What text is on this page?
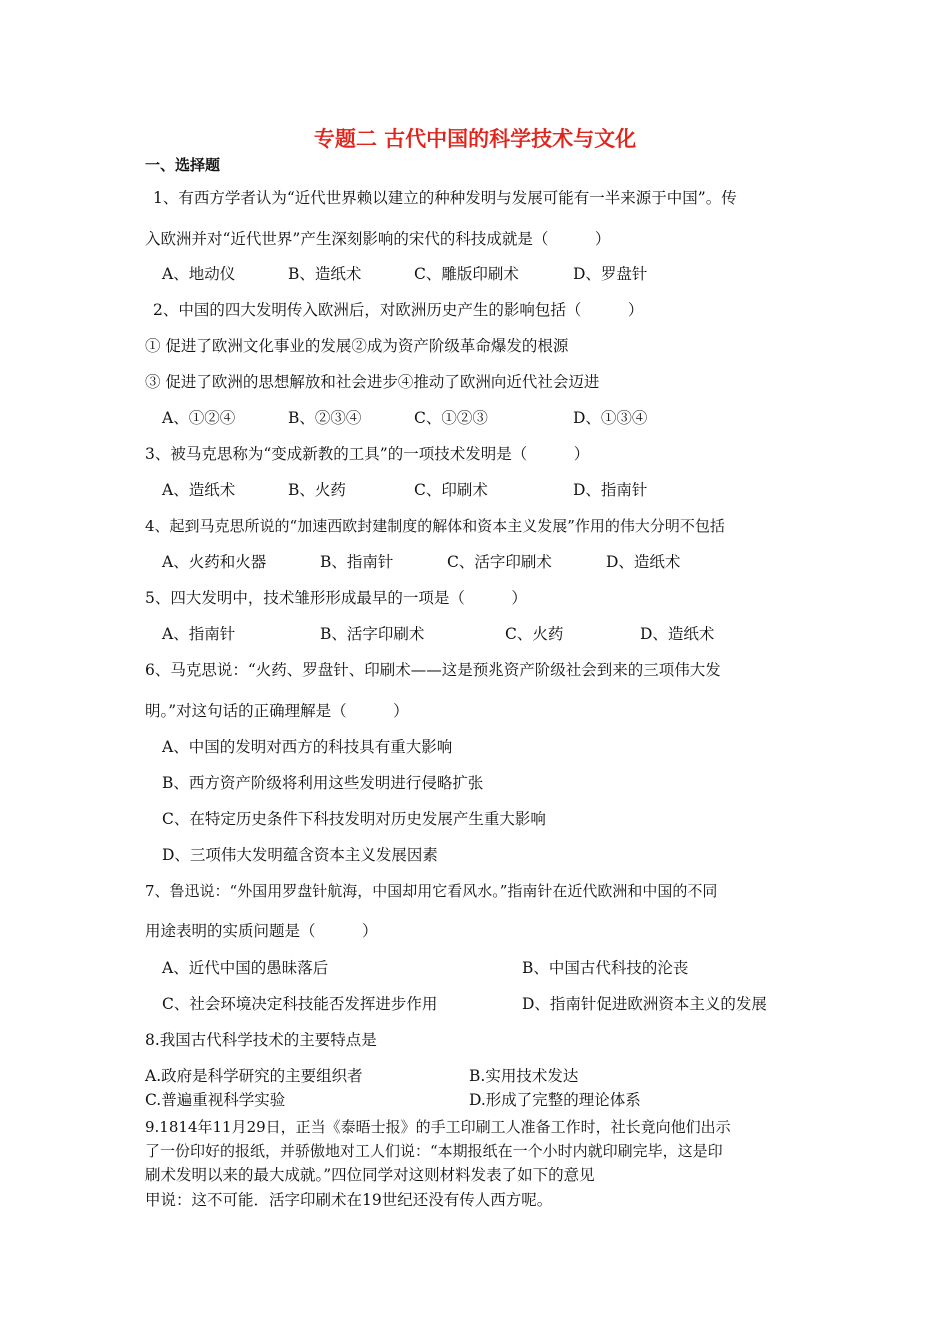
专题二 古代中国的科学技术与文化
一、选择题
1、有西方学者认为“近代世界赖以建立的种种发明与发展可能有一半来源于中国”。传
入欧洲并对“近代世界”产生深刻影响的宋代的科技成就是（　　　）
A、地动仪	B、造纸术	C、雕版印刷术	D、罗盘针
2、中国的四大发明传入欧洲后，对欧洲历史产生的影响包括（　　　）
① 促进了欧洲文化事业的发展②成为资产阶级革命爆发的根源
③ 促进了欧洲的思想解放和社会进步④推动了欧洲向近代社会迈进
A、①②④	B、②③④	C、①②③	D、①③④
3、被马克思称为“变成新教的工具”的一项技术发明是（　　　）
A、造纸术	B、火药	C、印刷术	D、指南针
4、起到马克思所说的“加速西欧封建制度的解体和资本主义发展”作用的伟大分明不包括
A、火药和火器	B、指南针	C、活字印刷术	D、造纸术
5、四大发明中，技术雏形形成最早的一项是（　　　）
A、指南针	B、活字印刷术	C、火药	D、造纸术
6、马克思说：“火药、罗盘针、印刷术——这是预兆资产阶级社会到来的三项伟大发
明。”对这句话的正确理解是（　　　）
A、中国的发明对西方的科技具有重大影响
B、西方资产阶级将利用这些发明进行侵略扩张
C、在特定历史条件下科技发明对历史发展产生重大影响
D、三项伟大发明蕴含资本主义发展因素
7、鲁迅说：“外国用罗盘针航海，中国却用它看风水。”指南针在近代欧洲和中国的不同
用途表明的实质问题是（　　　）
A、近代中国的愚昧落后	B、中国古代科技的沦丧
C、社会环境决定科技能否发挥进步作用	D、指南针促进欧洲资本主义的发展
8.我国古代科学技术的主要特点是
A.政府是科学研究的主要组织者	B.实用技术发达
C.普遍重视科学实验	D.形成了完整的理论体系
9.1814年11月29日，正当《泰晤士报》的手工印刷工人准备工作时，社长竟向他们出示
了一份印好的报纸，并骄傲地对工人们说：“本期报纸在一个小时内就印刷完毕，这是印
刷术发明以来的最大成就。”四位同学对这则材料发表了如下的意见
甲说：这不可能．活字印刷术在19世纪还没有传人西方呢。
